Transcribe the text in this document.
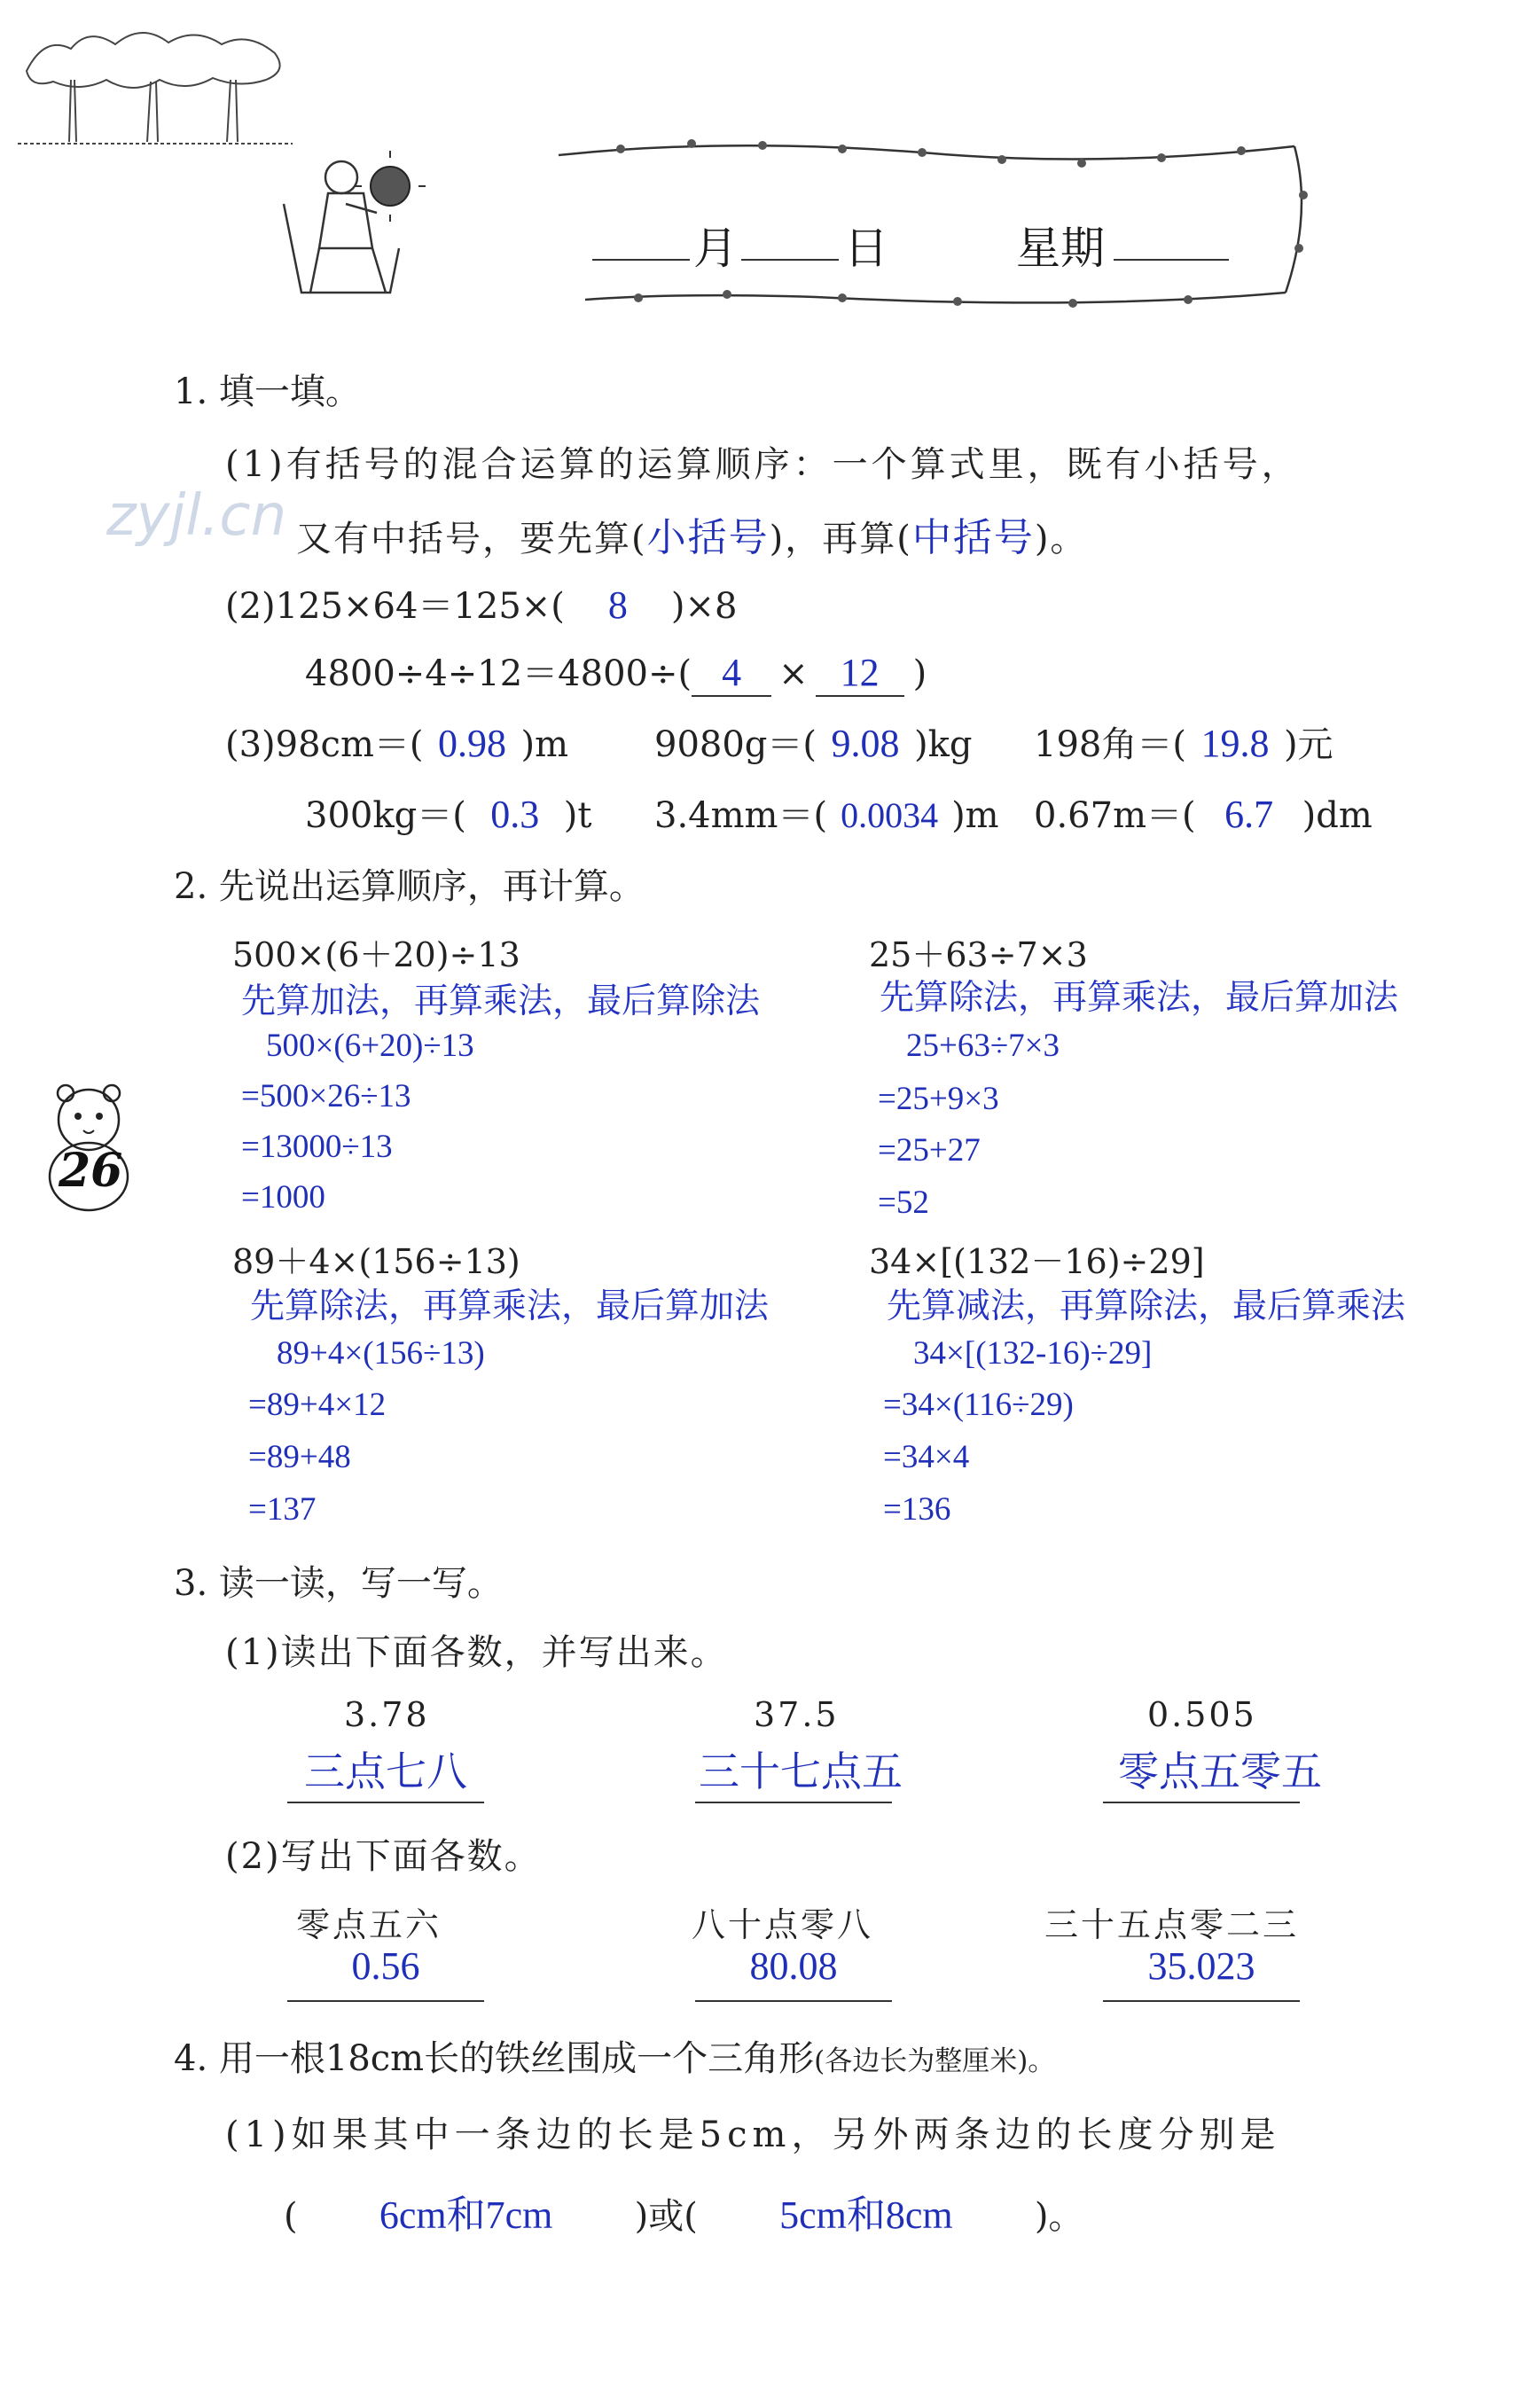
月 日	星期
zyjl.cn
26
1. 填一填。
(1)有括号的混合运算的运算顺序：一个算式里，既有小括号，
又有中括号，要先算(小括号)，再算(中括号)。
(2)125×64＝125×( 8 )×8
4800÷4÷12＝4800÷( 4 × 12 )
(3)98cm＝( 0.98 )m 9080g＝( 9.08 )kg 198角＝( 19.8 )元
300kg＝( 0.3 )t 3.4mm＝( 0.0034 )m 0.67m＝( 6.7 )dm
2. 先说出运算顺序，再计算。
500×(6＋20)÷13
先算加法，再算乘法，最后算除法
500×(6+20)÷13
=500×26÷13
=13000÷13
=1000
25＋63÷7×3
先算除法，再算乘法，最后算加法
25+63÷7×3
=25+9×3
=25+27
=52
89＋4×(156÷13)
先算除法，再算乘法，最后算加法
89+4×(156÷13)
=89+4×12
=89+48
=137
34×[(132－16)÷29]
先算减法，再算除法，最后算乘法
34×[(132-16)÷29]
=34×(116÷29)
=34×4
=136
3. 读一读，写一写。
(1)读出下面各数，并写出来。
3.78
三点七八
37.5
三十七点五
0.505
零点五零五
(2)写出下面各数。
零点五六
0.56
八十点零八
80.08
三十五点零二三
35.023
4. 用一根18cm长的铁丝围成一个三角形(各边长为整厘米)。
(1)如果其中一条边的长是5cm，另外两条边的长度分别是
( 6cm和7cm )或( 5cm和8cm )。
